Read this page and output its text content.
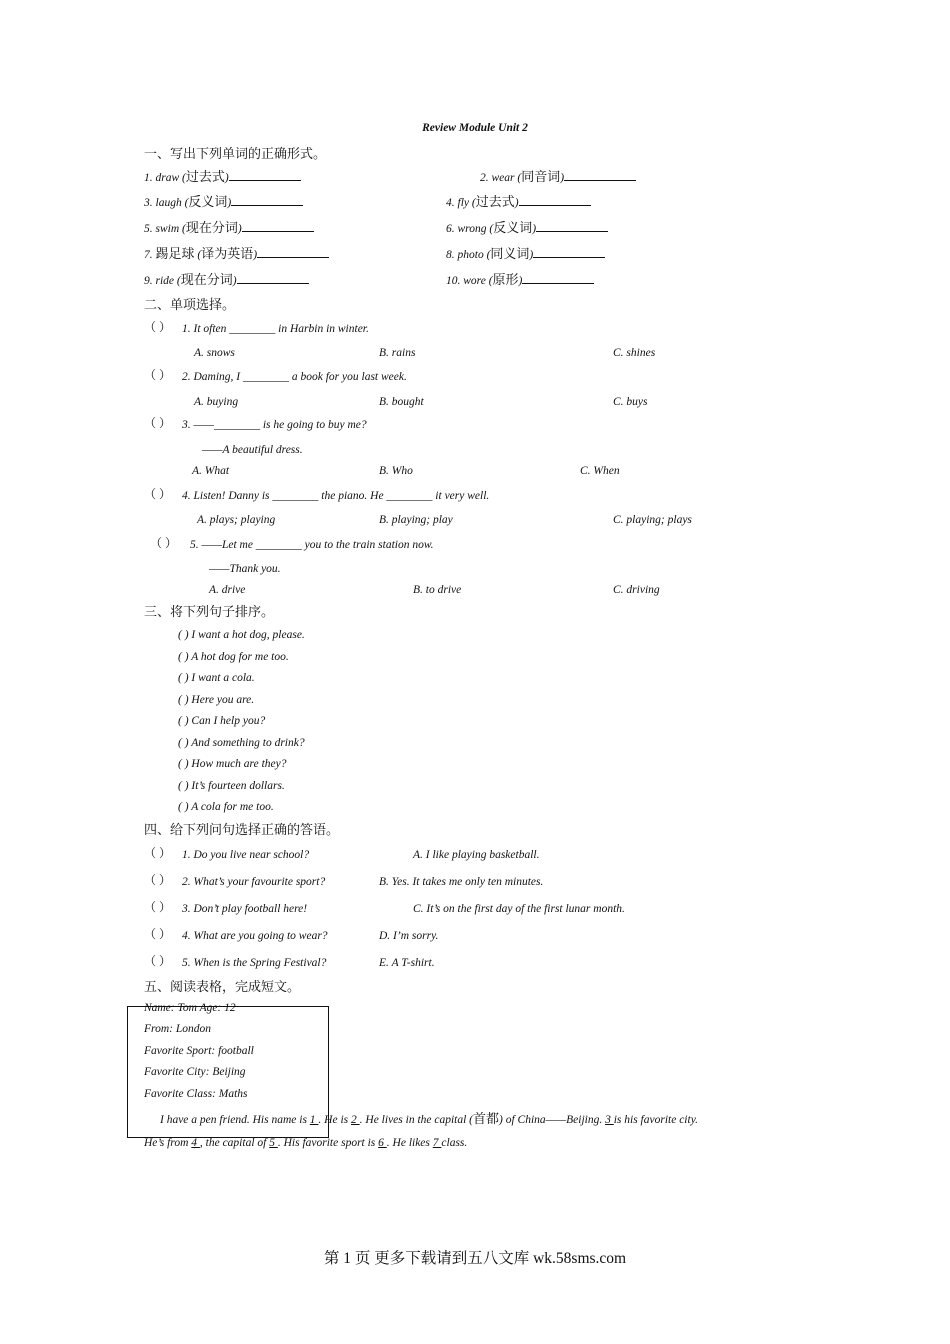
Review Module Unit 2
一、写出下列单词的正确形式。
1. draw (过去式)	2. wear (同音词)
3. laugh (反义词)	4. fly (过去式)
5. swim (现在分词)	6. wrong (反义词)
7. 踢足球 (译为英语)	8. photo (同义词)
9. ride (现在分词)	10. wore (原形)
二、单项选择。
（ ） 1. It often ________ in Harbin in winter.
A. snows	B. rains	C. shines
（ ） 2. Daming, I ________ a book for you last week.
A. buying	B. bought	C. buys
（ ） 3. ——________ is he going to buy me?
——A beautiful dress.
A. What	B. Who	C. When
（ ） 4. Listen! Danny is ________ the piano. He ________ it very well.
A. plays; playing	B. playing; play	C. playing; plays
（ ） 5. ——Let me ________ you to the train station now.
——Thank you.
A. drive	B. to drive	C. driving
三、将下列句子排序。
( ) I want a hot dog, please.
( ) A hot dog for me too.
( ) I want a cola.
( ) Here you are.
( ) Can I help you?
( ) And something to drink?
( ) How much are they?
( ) It’s fourteen dollars.
( ) A cola for me too.
四、给下列问句选择正确的答语。
（ ） 1. Do you live near school?	A. I like playing basketball.
（ ） 2. What’s your favourite sport?	B. Yes. It takes me only ten minutes.
（ ） 3. Don’t play football here!	C. It’s on the first day of the first lunar month.
（ ） 4. What are you going to wear?	D. I’m sorry.
（ ） 5. When is the Spring Festival?	E. A T-shirt.
五、阅读表格，完成短文。
Name: Tom Age: 12
From: London
Favorite Sport: football
Favorite City: Beijing
Favorite Class: Maths
I have a pen friend. His name is 1 . He is 2 . He lives in the capital (首都) of China——Beijing. 3 is his favorite city.
He’s from 4 , the capital of 5 . His favorite sport is 6 . He likes 7 class.
第 1 页 更多下载请到五八文库 wk.58sms.com
